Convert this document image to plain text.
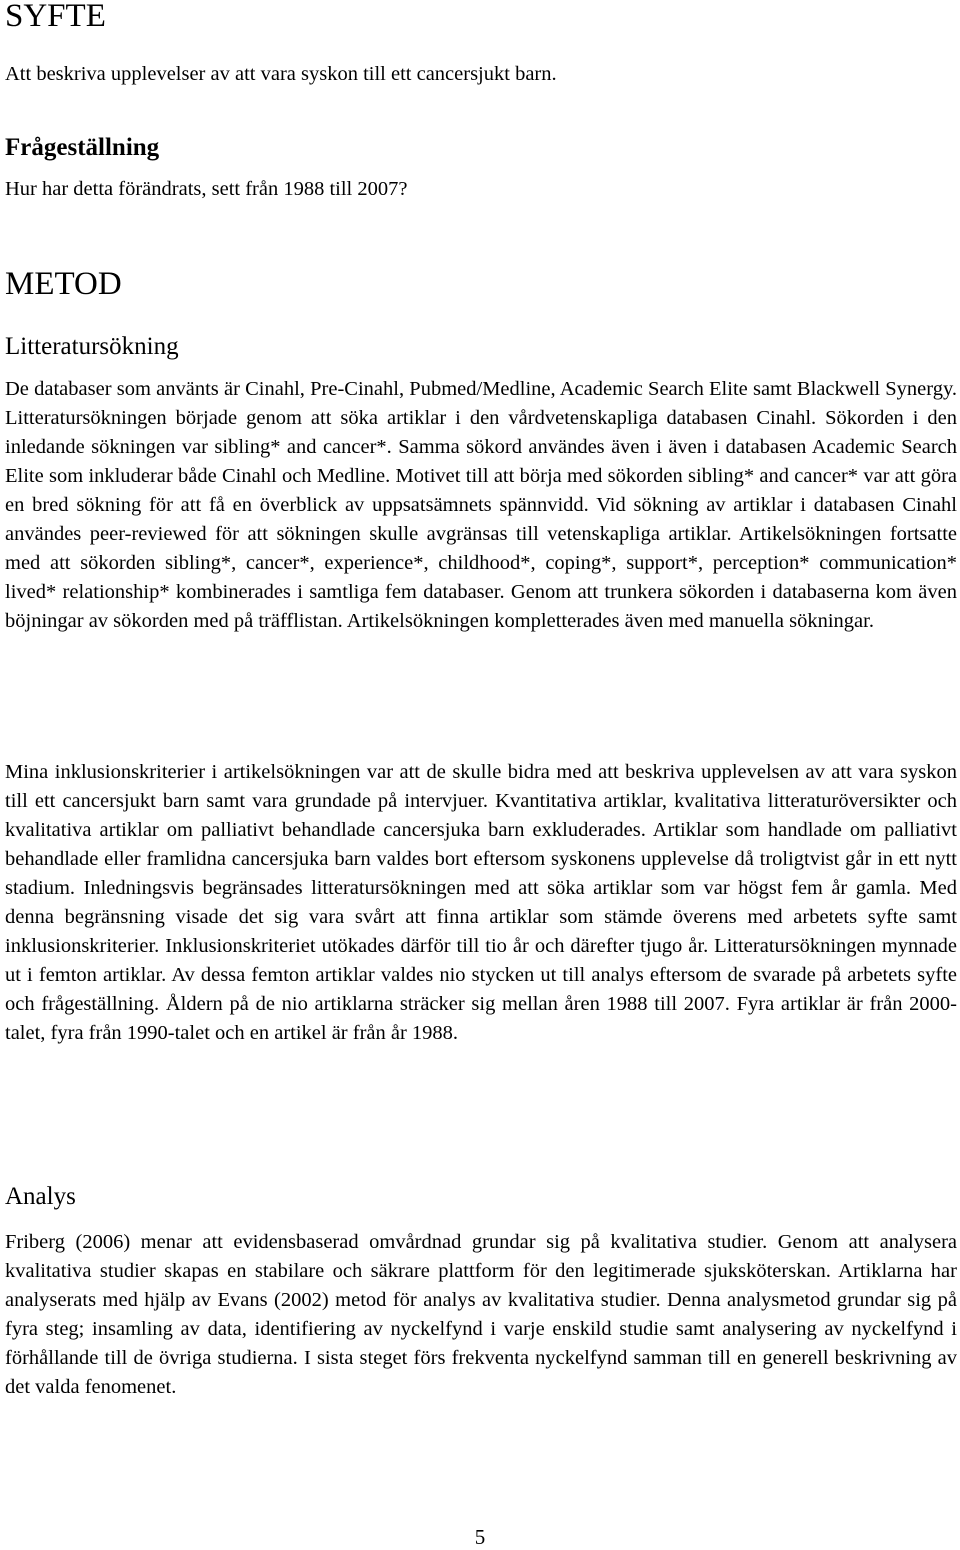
SYFTE

Att beskriva upplevelser av att vara syskon till ett cancersjukt barn.

Frågeställning

Hur har detta förändrats, sett från 1988 till 2007?

METOD
Litteratursökning

De databaser som använts är Cinahl, Pre-Cinahl, Pubmed/Medline, Academic Search Elite samt Blackwell Synergy. Litteratursökningen började genom att söka artiklar i den vårdvetenskapliga databasen Cinahl. Sökorden i den inledande sökningen var sibling* and cancer*. Samma sökord användes även i även i databasen Academic Search Elite som inkluderar både Cinahl och Medline. Motivet till att börja med sökorden sibling* and cancer* var att göra en bred sökning för att få en överblick av uppsatsämnets spännvidd. Vid sökning av artiklar i databasen Cinahl användes peer-reviewed för att sökningen skulle avgränsas till vetenskapliga artiklar. Artikelsökningen fortsatte med att sökorden sibling*, cancer*, experience*, childhood*, coping*, support*, perception* communication* lived* relationship* kombinerades i samtliga fem databaser. Genom att trunkera sökorden i databaserna kom även böjningar av sökorden med på träfflistan. Artikelsökningen kompletterades även med manuella sökningar.

Mina inklusionskriterier i artikelsökningen var att de skulle bidra med att beskriva upplevelsen av att vara syskon till ett cancersjukt barn samt vara grundade på intervjuer. Kvantitativa artiklar, kvalitativa litteraturöversikter och kvalitativa artiklar om palliativt behandlade cancersjuka barn exkluderades. Artiklar som handlade om palliativt behandlade eller framlidna cancersjuka barn valdes bort eftersom syskonens upplevelse då troligtvist går in ett nytt stadium. Inledningsvis begränsades litteratursökningen med att söka artiklar som var högst fem år gamla. Med denna begränsning visade det sig vara svårt att finna artiklar som stämde överens med arbetets syfte samt inklusionskriterier. Inklusionskriteriet utökades därför till tio år och därefter tjugo år. Litteratursökningen mynnade ut i femton artiklar. Av dessa femton artiklar valdes nio stycken ut till analys eftersom de svarade på arbetets syfte och frågeställning. Åldern på de nio artiklarna sträcker sig mellan åren 1988 till 2007. Fyra artiklar är från 2000-talet, fyra från 1990-talet och en artikel är från år 1988.

Analys

Friberg (2006) menar att evidensbaserad omvårdnad grundar sig på kvalitativa studier. Genom att analysera kvalitativa studier skapas en stabilare och säkrare plattform för den legitimerade sjuksköterskan. Artiklarna har analyserats med hjälp av Evans (2002) metod för analys av kvalitativa studier. Denna analysmetod grundar sig på fyra steg; insamling av data, identifiering av nyckelfynd i varje enskild studie samt analysering av nyckelfynd i förhållande till de övriga studierna. I sista steget förs frekventa nyckelfynd samman till en generell beskrivning av det valda fenomenet.

5
